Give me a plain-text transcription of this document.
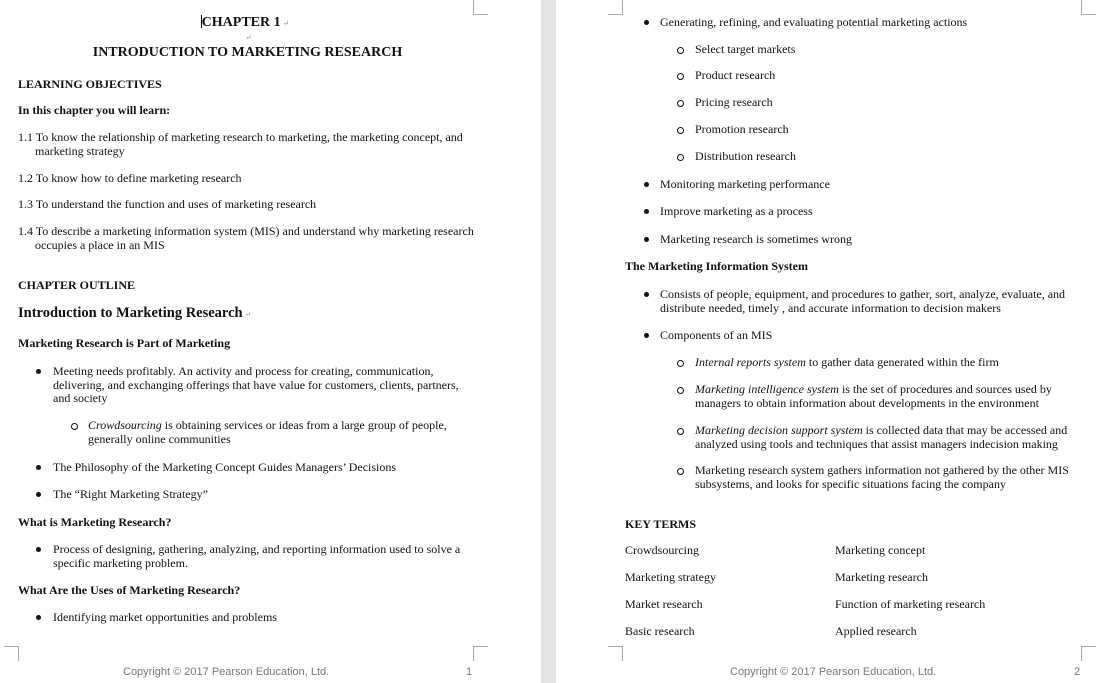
CHAPTER 1 ↵
↵
INTRODUCTION TO MARKETING RESEARCH
LEARNING OBJECTIVES
In this chapter you will learn:
1.1 To know the relationship of marketing research to marketing, the marketing concept, and marketing strategy
1.2 To know how to define marketing research
1.3 To understand the function and uses of marketing research
1.4 To describe a marketing information system (MIS) and understand why marketing research occupies a place in an MIS
CHAPTER OUTLINE
Introduction to Marketing Research ↵
Marketing Research is Part of Marketing
Meeting needs profitably. An activity and process for creating, communication, delivering, and exchanging offerings that have value for customers, clients, partners, and society
Crowdsourcing is obtaining services or ideas from a large group of people, generally online communities
The Philosophy of the Marketing Concept Guides Managers’ Decisions
The “Right Marketing Strategy”
What is Marketing Research?
Process of designing, gathering, analyzing, and reporting information used to solve a specific marketing problem.
What Are the Uses of Marketing Research?
Identifying market opportunities and problems
Copyright © 2017 Pearson Education, Ltd.	1
Generating, refining, and evaluating potential marketing actions
Select target markets
Product research
Pricing research
Promotion research
Distribution research
Monitoring marketing performance
Improve marketing as a process
Marketing research is sometimes wrong
The Marketing Information System
Consists of people, equipment, and procedures to gather, sort, analyze, evaluate, and distribute needed, timely , and accurate information to decision makers
Components of an MIS
Internal reports system to gather data generated within the firm
Marketing intelligence system is the set of procedures and sources used by managers to obtain information about developments in the environment
Marketing decision support system is collected data that may be accessed and analyzed using tools and techniques that assist managers indecision making
Marketing research system gathers information not gathered by the other MIS subsystems, and looks for specific situations facing the company
KEY TERMS
Crowdsourcing	Marketing concept
Marketing strategy	Marketing research
Market research	Function of marketing research
Basic research	Applied research
Copyright © 2017 Pearson Education, Ltd.	2
